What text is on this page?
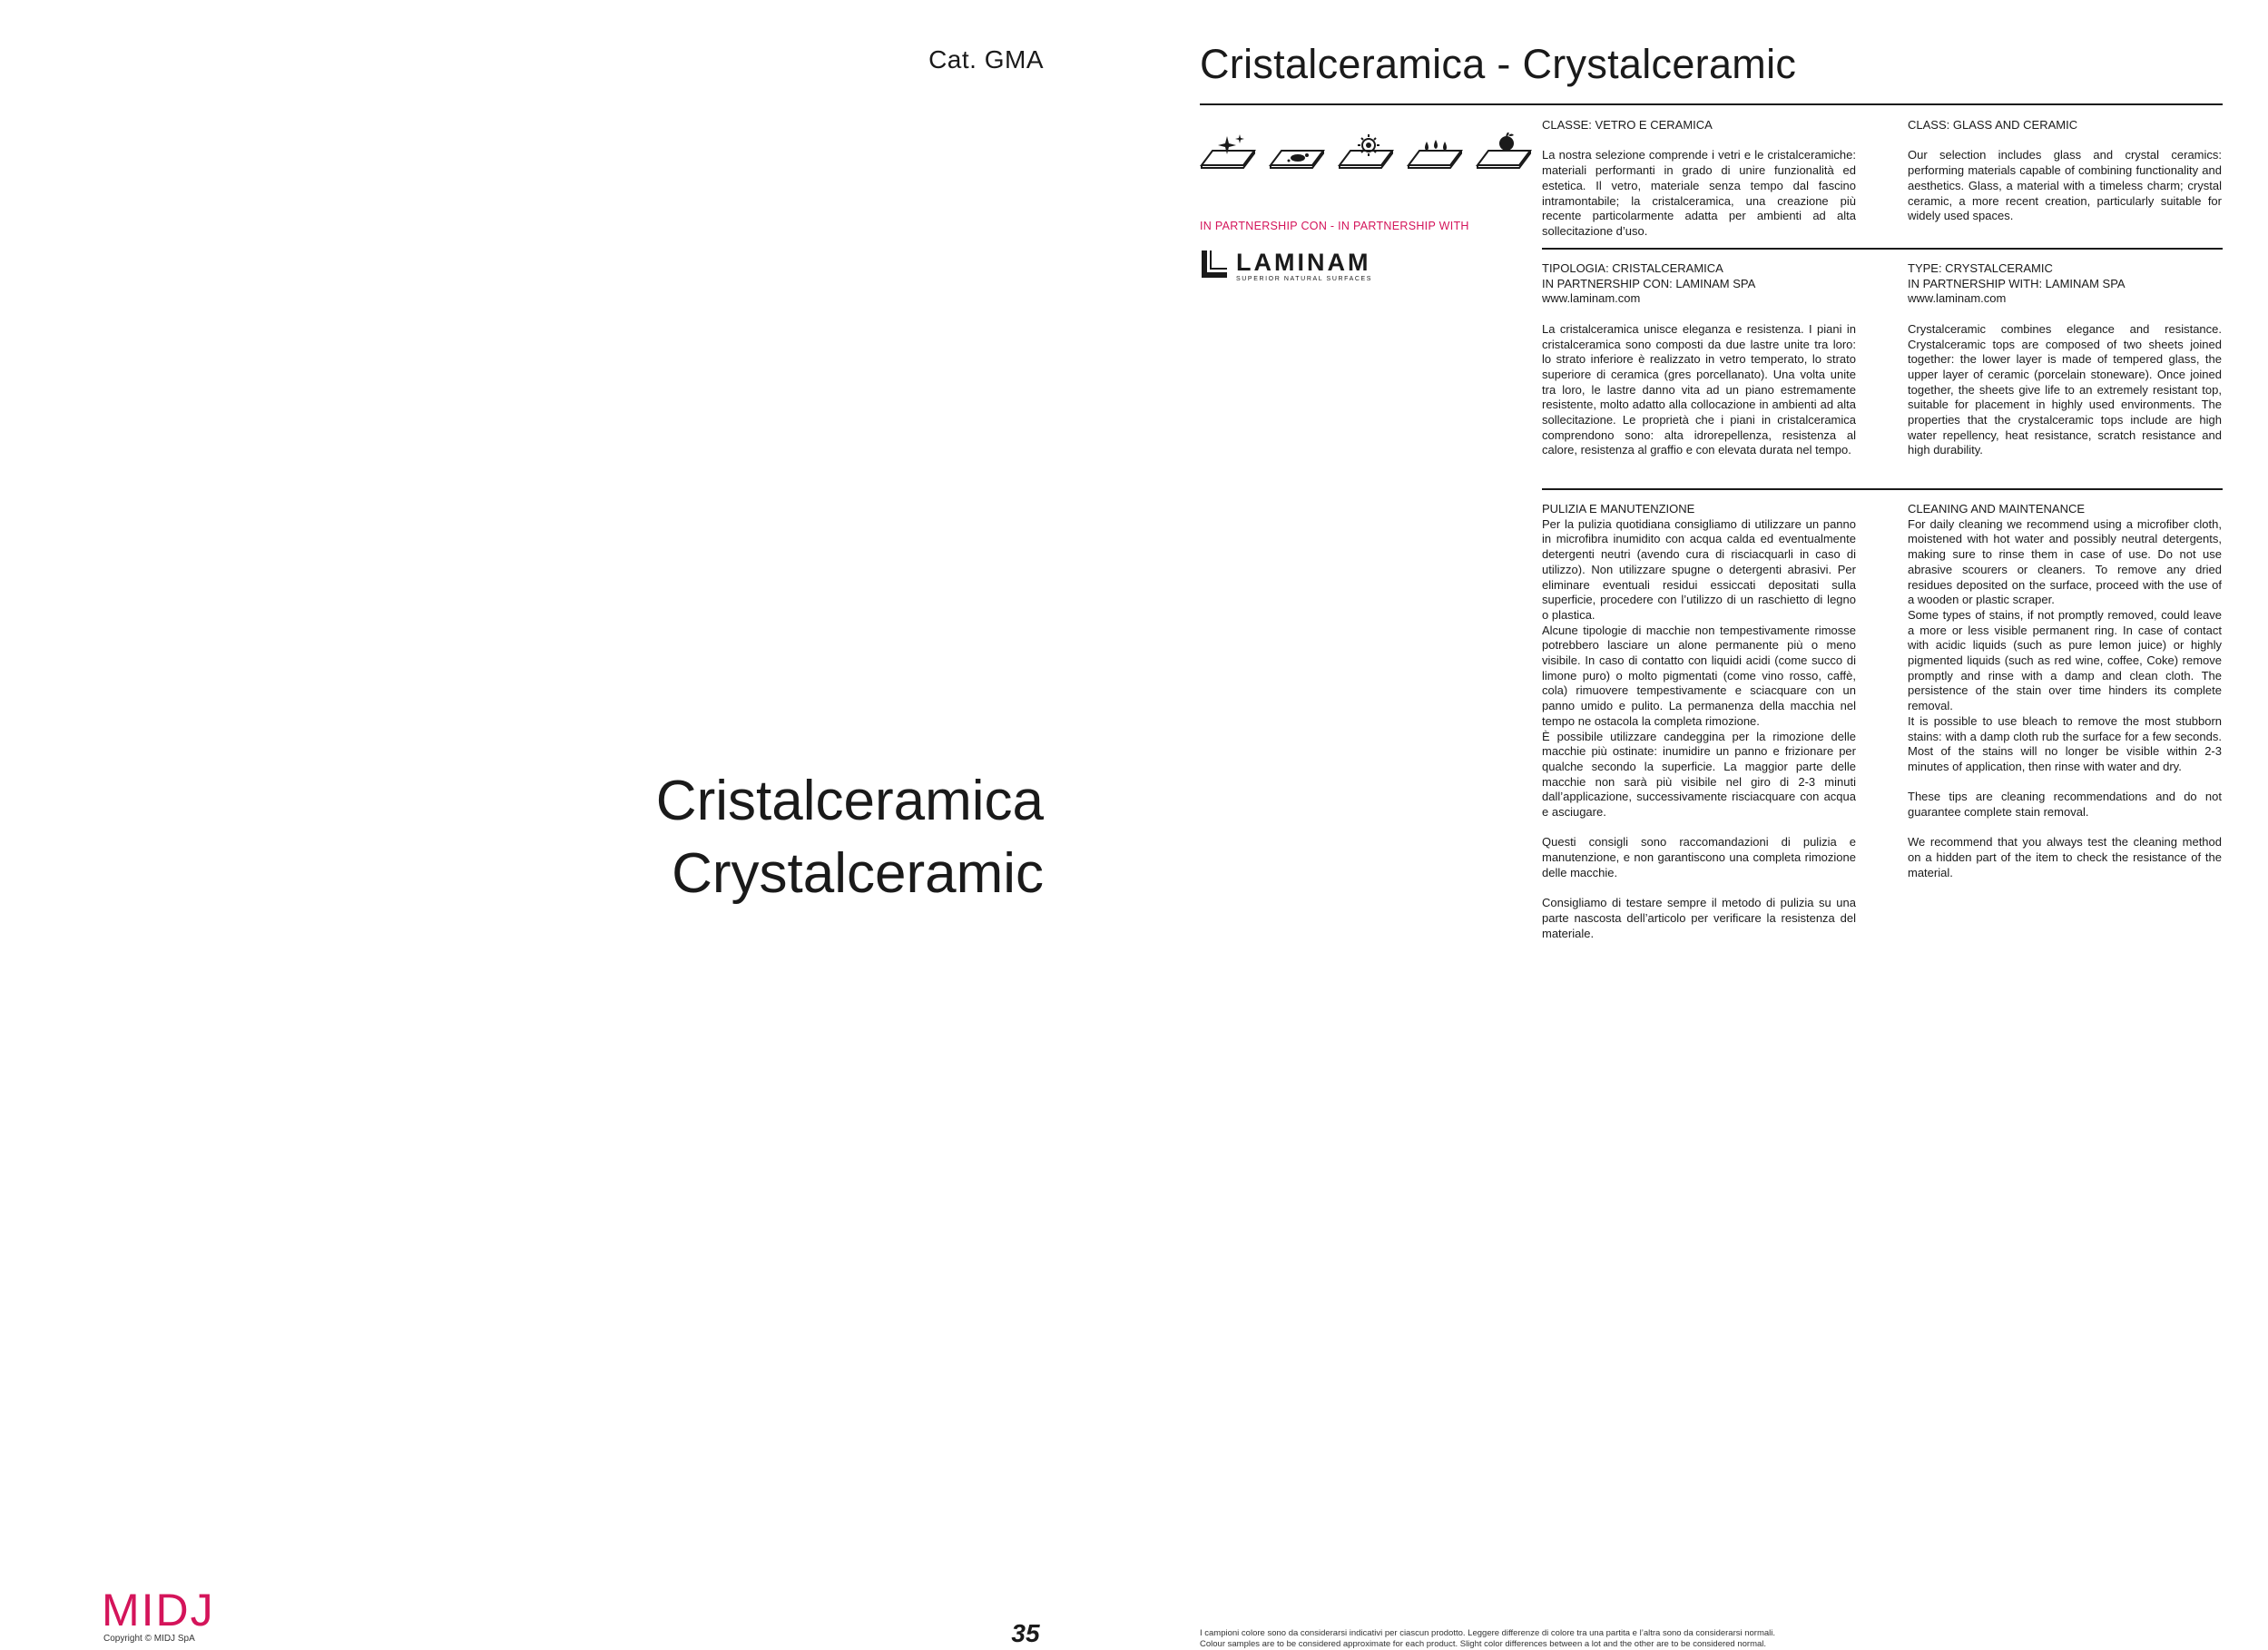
Cat. GMA
Cristalceramica
Crystalceramic
MIDJ
Copyright © MIDJ SpA	35
Cristalceramica - Crystalceramic
IN PARTNERSHIP CON - IN PARTNERSHIP WITH
LAMINAM
SUPERIOR NATURAL SURFACES
CLASSE: VETRO E CERAMICA

La nostra selezione comprende i vetri e le cristalceramiche: materiali performanti in grado di unire funzionalità ed estetica. Il vetro, materiale senza tempo dal fascino intramontabile; la cristalceramica, una creazione più recente particolarmente adatta per ambienti ad alta sollecitazione d’uso.

CLASS: GLASS AND CERAMIC

Our selection includes glass and crystal ceramics: performing materials capable of combining functionality and aesthetics. Glass, a material with a timeless charm; crystal ceramic, a more recent creation, particularly suitable for widely used spaces.

TIPOLOGIA: CRISTALCERAMICA
IN PARTNERSHIP CON: LAMINAM SPA
www.laminam.com

La cristalceramica unisce eleganza e resistenza. I piani in cristalceramica sono composti da due lastre unite tra loro: lo strato inferiore è realizzato in vetro temperato, lo strato superiore di ceramica (gres porcellanato). Una volta unite tra loro, le lastre danno vita ad un piano estremamente resistente, molto adatto alla collocazione in ambienti ad alta sollecitazione. Le proprietà che i piani in cristalceramica comprendono sono: alta idrorepellenza, resistenza al calore, resistenza al graffio e con elevata durata nel tempo.

TYPE: CRYSTALCERAMIC
IN PARTNERSHIP WITH: LAMINAM SPA
www.laminam.com

Crystalceramic combines elegance and resistance. Crystalceramic tops are composed of two sheets joined together: the lower layer is made of tempered glass, the upper layer of ceramic (porcelain stoneware). Once joined together, the sheets give life to an extremely resistant top, suitable for placement in highly used environments. The properties that the crystalceramic tops include are high water repellency, heat resistance, scratch resistance and high durability.

PULIZIA E MANUTENZIONE

Per la pulizia quotidiana consigliamo di utilizzare un panno in microfibra inumidito con acqua calda ed eventualmente detergenti neutri (avendo cura di risciacquarli in caso di utilizzo). Non utilizzare spugne o detergenti abrasivi. Per eliminare eventuali residui essiccati depositati sulla superficie, procedere con l’utilizzo di un raschietto di legno o plastica.

Alcune tipologie di macchie non tempestivamente rimosse potrebbero lasciare un alone permanente più o meno visibile. In caso di contatto con liquidi acidi (come succo di limone puro) o molto pigmentati (come vino rosso, caffè, cola) rimuovere tempestivamente e sciacquare con un panno umido e pulito. La permanenza della macchia nel tempo ne ostacola la completa rimozione.

È possibile utilizzare candeggina per la rimozione delle macchie più ostinate: inumidire un panno e frizionare per qualche secondo la superficie. La maggior parte delle macchie non sarà più visibile nel giro di 2-3 minuti dall’applicazione, successivamente risciacquare con acqua e asciugare.

Questi consigli sono raccomandazioni di pulizia e manutenzione, e non garantiscono una completa rimozione delle macchie.

Consigliamo di testare sempre il metodo di pulizia su una parte nascosta dell’articolo per verificare la resistenza del materiale.

CLEANING AND MAINTENANCE

For daily cleaning we recommend using a microfiber cloth, moistened with hot water and possibly neutral detergents, making sure to rinse them in case of use. Do not use abrasive scourers or cleaners. To remove any dried residues deposited on the surface, proceed with the use of a wooden or plastic scraper.

Some types of stains, if not promptly removed, could leave a more or less visible permanent ring. In case of contact with acidic liquids (such as pure lemon juice) or highly pigmented liquids (such as red wine, coffee, Coke) remove promptly and rinse with a damp and clean cloth. The persistence of the stain over time hinders its complete removal.

It is possible to use bleach to remove the most stubborn stains: with a damp cloth rub the surface for a few seconds. Most of the stains will no longer be visible within 2-3 minutes of application, then rinse with water and dry.

These tips are cleaning recommendations and do not guarantee complete stain removal.

We recommend that you always test the cleaning method on a hidden part of the item to check the resistance of the material.

I campioni colore sono da considerarsi indicativi per ciascun prodotto. Leggere differenze di colore tra una partita e l’altra sono da considerarsi normali.
Colour samples are to be considered approximate for each product. Slight color differences between a lot and the other are to be considered normal.
